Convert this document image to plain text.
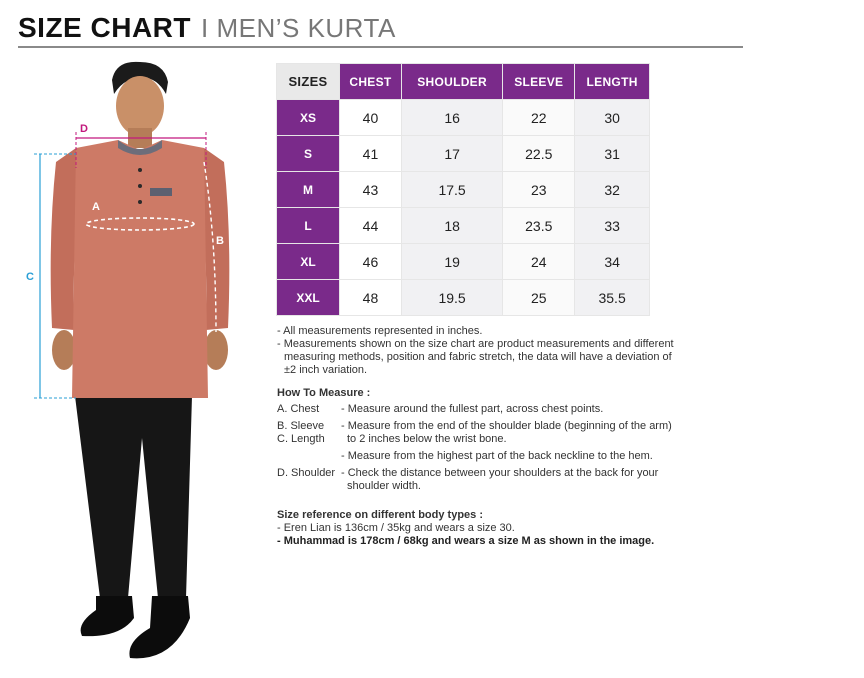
SIZE CHART I MEN’S KURTA
D
A
B
C
SIZES	CHEST	SHOULDER	SLEEVE	LENGTH
XS	40	16	22	30
S	41	17	22.5	31
M	43	17.5	23	32
L	44	18	23.5	33
XL	46	19	24	34
XXL	48	19.5	25	35.5

- All measurements represented in inches.

- Measurements shown on the size chart are product measurements and different

measuring methods, position and fabric stretch, the data will have a deviation of

±2 inch variation.

How To Measure :
A. Chest	- Measure around the fullest part, across chest points.
B. Sleeve	- Measure from the end of the shoulder blade (beginning of the arm)
C. Length	to 2 inches below the wrist bone.
- Measure from the highest part of the back neckline to the hem.
D. Shoulder - Check the distance between your shoulders at the back for your
shoulder width.
Size reference on different body types :
- Eren Lian is 136cm / 35kg and wears a size 30.
- Muhammad is 178cm / 68kg and wears a size M as shown in the image.
